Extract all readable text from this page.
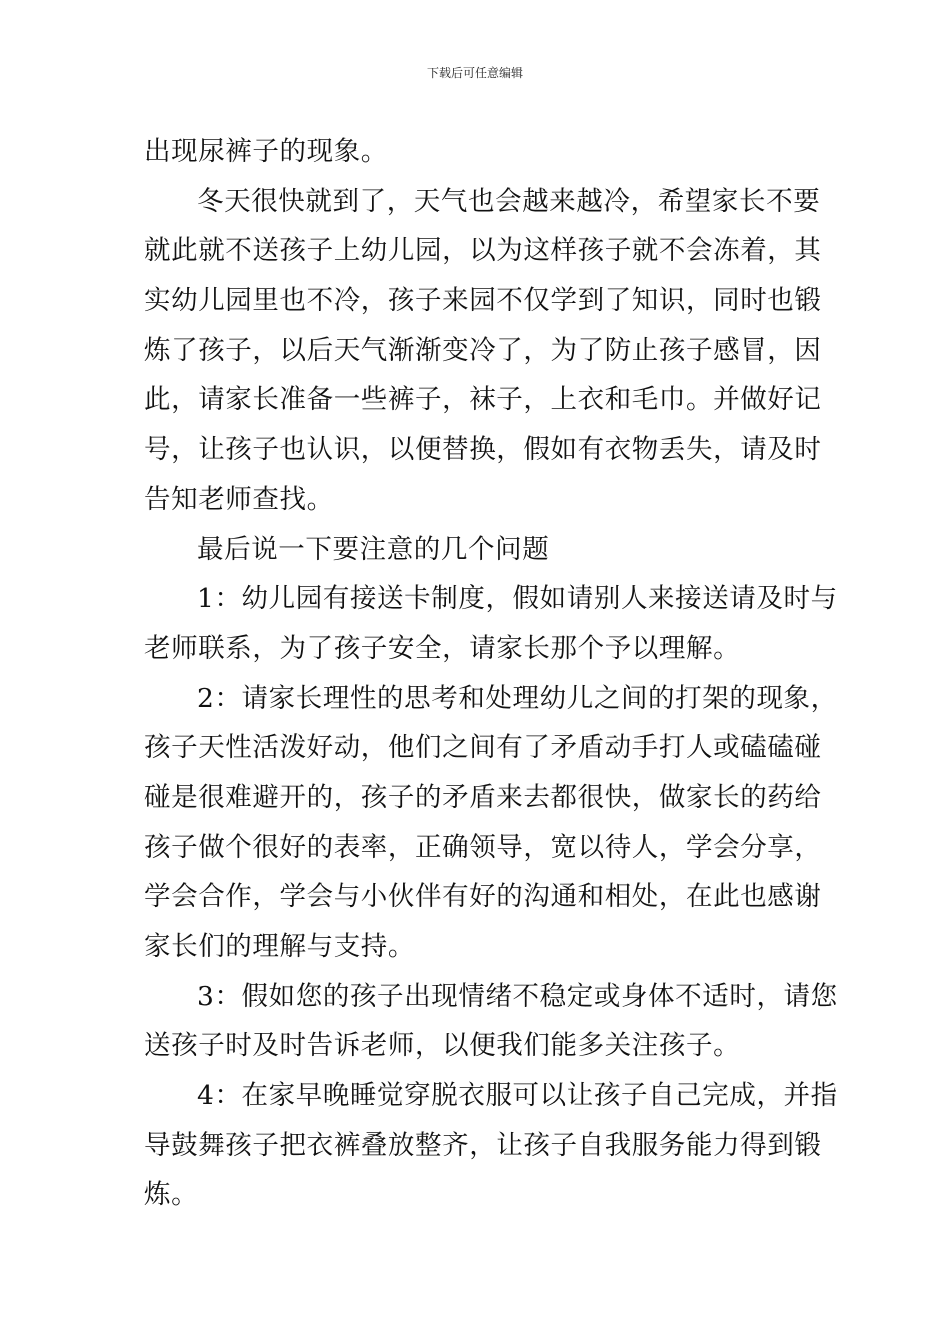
下载后可任意编辑
出现尿裤子的现象。
冬天很快就到了，天气也会越来越冷，希望家长不要
就此就不送孩子上幼儿园，以为这样孩子就不会冻着，其
实幼儿园里也不冷，孩子来园不仅学到了知识，同时也锻
炼了孩子，以后天气渐渐变冷了，为了防止孩子感冒，因
此，请家长准备一些裤子，袜子，上衣和毛巾。并做好记
号，让孩子也认识，以便替换，假如有衣物丢失，请及时
告知老师查找。
最后说一下要注意的几个问题
1：幼儿园有接送卡制度，假如请别人来接送请及时与
老师联系，为了孩子安全，请家长那个予以理解。
2：请家长理性的思考和处理幼儿之间的打架的现象，
孩子天性活泼好动，他们之间有了矛盾动手打人或磕磕碰
碰是很难避开的，孩子的矛盾来去都很快，做家长的药给
孩子做个很好的表率，正确领导，宽以待人，学会分享，
学会合作，学会与小伙伴有好的沟通和相处，在此也感谢
家长们的理解与支持。
3：假如您的孩子出现情绪不稳定或身体不适时，请您
送孩子时及时告诉老师，以便我们能多关注孩子。
4：在家早晚睡觉穿脱衣服可以让孩子自己完成，并指
导鼓舞孩子把衣裤叠放整齐，让孩子自我服务能力得到锻
炼。
